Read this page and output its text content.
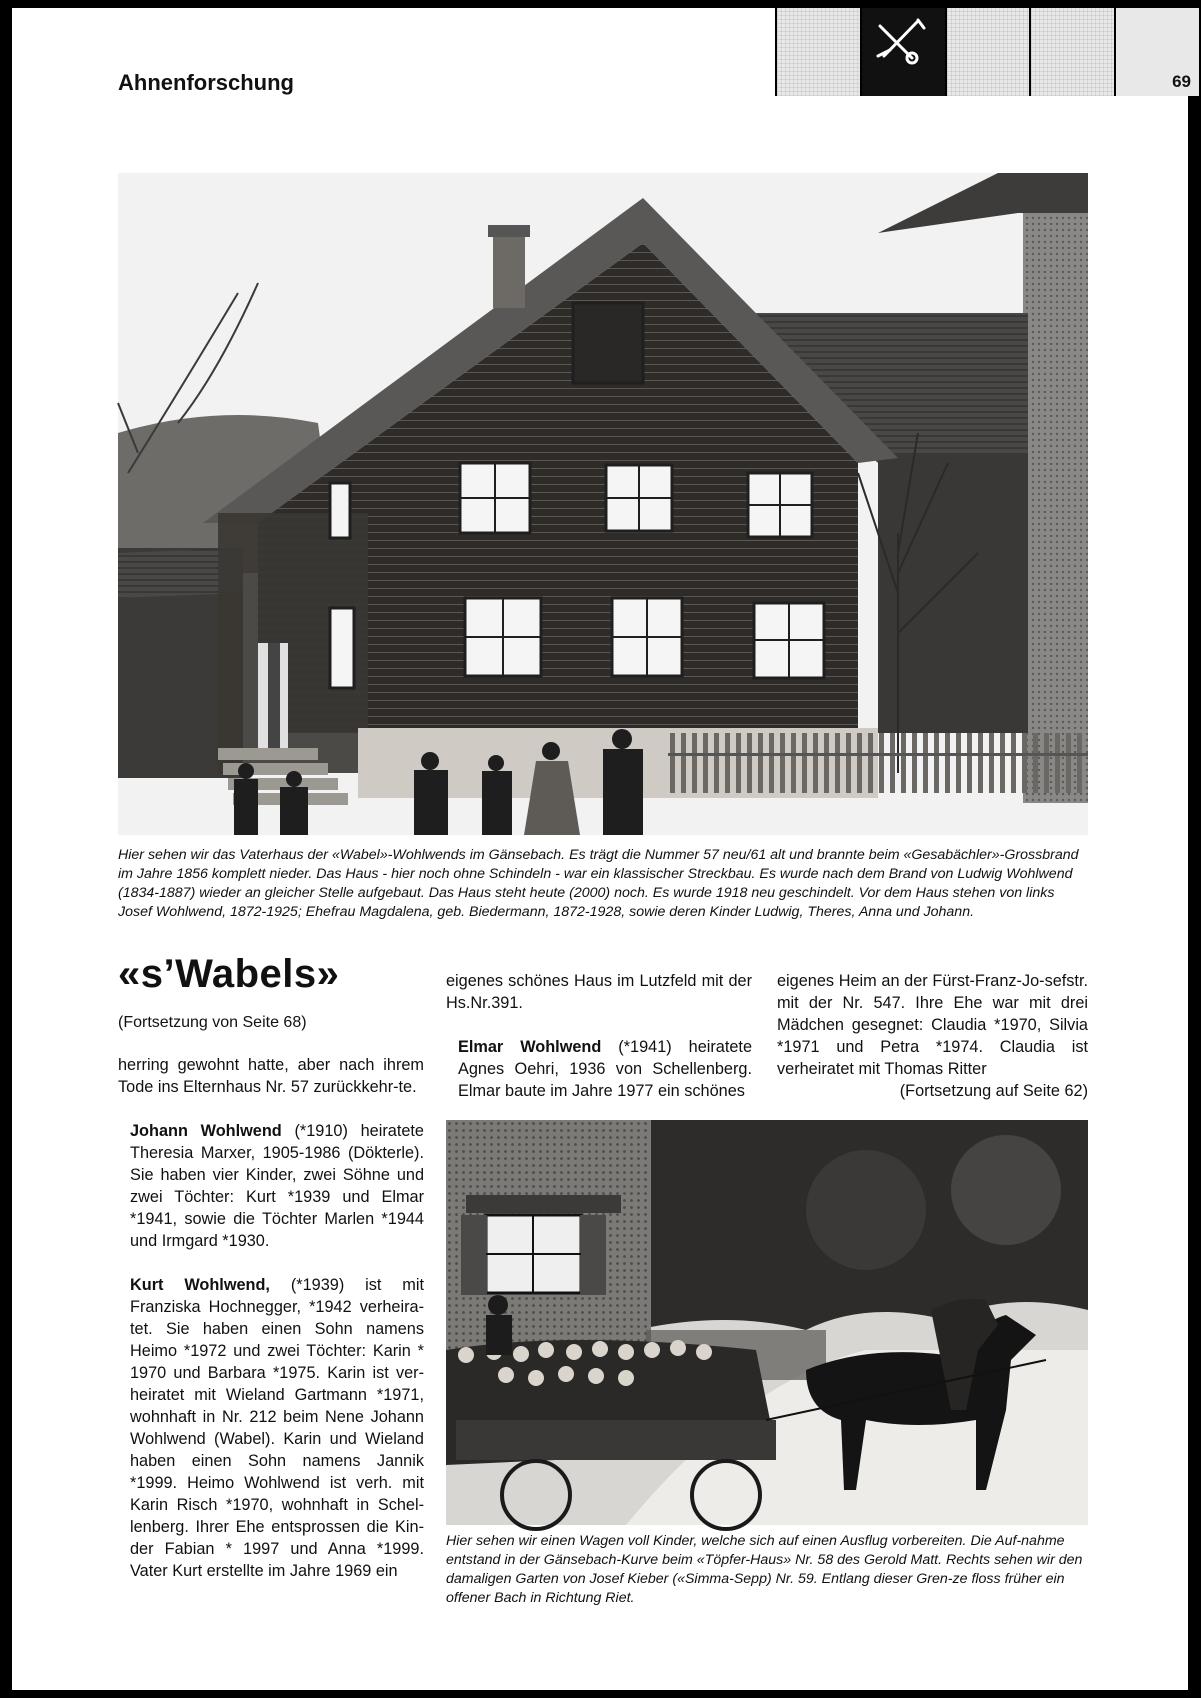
Ahnenforschung	69
Hier sehen wir das Vaterhaus der «Wabel»-Wohlwends im Gänsebach. Es trägt die Nummer 57 neu/61 alt und brannte beim «Gesabächler»-Grossbrand im Jahre 1856 komplett nieder. Das Haus - hier noch ohne Schindeln - war ein klassischer Streckbau. Es wurde nach dem Brand von Ludwig Wohlwend (1834-1887) wieder an gleicher Stelle aufgebaut. Das Haus steht heute (2000) noch. Es wurde 1918 neu geschindelt. Vor dem Haus stehen von links Josef Wohlwend, 1872-1925; Ehefrau Magdalena, geb. Biedermann, 1872-1928, sowie deren Kinder Ludwig, Theres, Anna und Johann.
«s’Wabels»
(Fortsetzung von Seite 68)

herring gewohnt hatte, aber nach ihrem Tode ins Elternhaus Nr. 57 zurückkehr-te.

Johann Wohlwend (*1910) heiratete Theresia Marxer, 1905-1986 (Dökterle). Sie haben vier Kinder, zwei Söhne und zwei Töchter: Kurt *1939 und Elmar *1941, sowie die Töchter Marlen *1944 und Irmgard *1930.

Kurt Wohlwend, (*1939) ist mit Franziska Hochnegger, *1942 verheira-tet. Sie haben einen Sohn namens Heimo *1972 und zwei Töchter: Karin * 1970 und Barbara *1975. Karin ist ver-heiratet mit Wieland Gartmann *1971, wohnhaft in Nr. 212 beim Nene Johann Wohlwend (Wabel). Karin und Wieland haben einen Sohn namens Jannik *1999. Heimo Wohlwend ist verh. mit Karin Risch *1970, wohnhaft in Schel-lenberg. Ihrer Ehe entsprossen die Kin-der Fabian * 1997 und Anna *1999. Vater Kurt erstellte im Jahre 1969 ein

eigenes schönes Haus im Lutzfeld mit der Hs.Nr.391.

Elmar Wohlwend (*1941) heiratete Agnes Oehri, 1936 von Schellenberg. Elmar baute im Jahre 1977 ein schönes

eigenes Heim an der Fürst-Franz-Jo-sefstr. mit der Nr. 547. Ihre Ehe war mit drei Mädchen gesegnet: Claudia *1970, Silvia *1971 und Petra *1974. Claudia ist verheiratet mit Thomas Ritter

(Fortsetzung auf Seite 62)
Hier sehen wir einen Wagen voll Kinder, welche sich auf einen Ausflug vorbereiten. Die Auf-nahme entstand in der Gänsebach-Kurve beim «Töpfer-Haus» Nr. 58 des Gerold Matt. Rechts sehen wir den damaligen Garten von Josef Kieber («Simma-Sepp) Nr. 59. Entlang dieser Gren-ze floss früher ein offener Bach in Richtung Riet.
